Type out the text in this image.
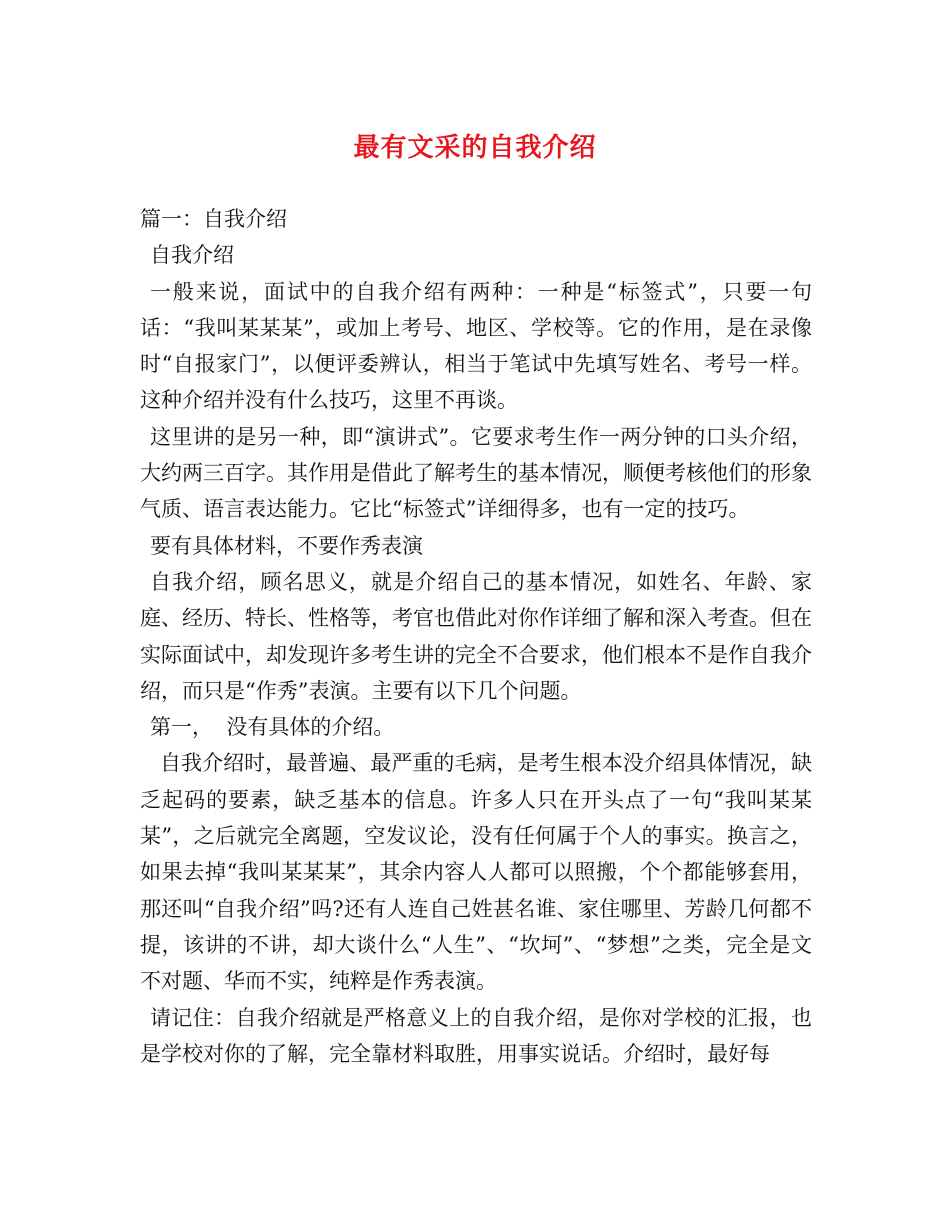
最有文采的自我介绍

篇一：自我介绍

自我介绍

一般来说，面试中的自我介绍有两种：一种是“标签式”，只要一句话：“我叫某某某”，或加上考号、地区、学校等。它的作用，是在录像时“自报家门”，以便评委辨认，相当于笔试中先填写姓名、考号一样。这种介绍并没有什么技巧，这里不再谈。

这里讲的是另一种，即“演讲式”。它要求考生作一两分钟的口头介绍，大约两三百字。其作用是借此了解考生的基本情况，顺便考核他们的形象气质、语言表达能力。它比“标签式”详细得多，也有一定的技巧。

要有具体材料，不要作秀表演

自我介绍，顾名思义，就是介绍自己的基本情况，如姓名、年龄、家庭、经历、特长、性格等，考官也借此对你作详细了解和深入考查。但在实际面试中，却发现许多考生讲的完全不合要求，他们根本不是作自我介绍，而只是“作秀”表演。主要有以下几个问题。

第一，  没有具体的介绍。

自我介绍时，最普遍、最严重的毛病，是考生根本没介绍具体情况，缺乏起码的要素，缺乏基本的信息。许多人只在开头点了一句“我叫某某某”，之后就完全离题，空发议论，没有任何属于个人的事实。换言之，如果去掉“我叫某某某”，其余内容人人都可以照搬，个个都能够套用，那还叫“自我介绍”吗?还有人连自己姓甚名谁、家住哪里、芳龄几何都不提，该讲的不讲，却大谈什么“人生”、“坎坷”、“梦想”之类，完全是文不对题、华而不实，纯粹是作秀表演。

请记住：自我介绍就是严格意义上的自我介绍，是你对学校的汇报，也是学校对你的了解，完全靠材料取胜，用事实说话。介绍时，最好每
